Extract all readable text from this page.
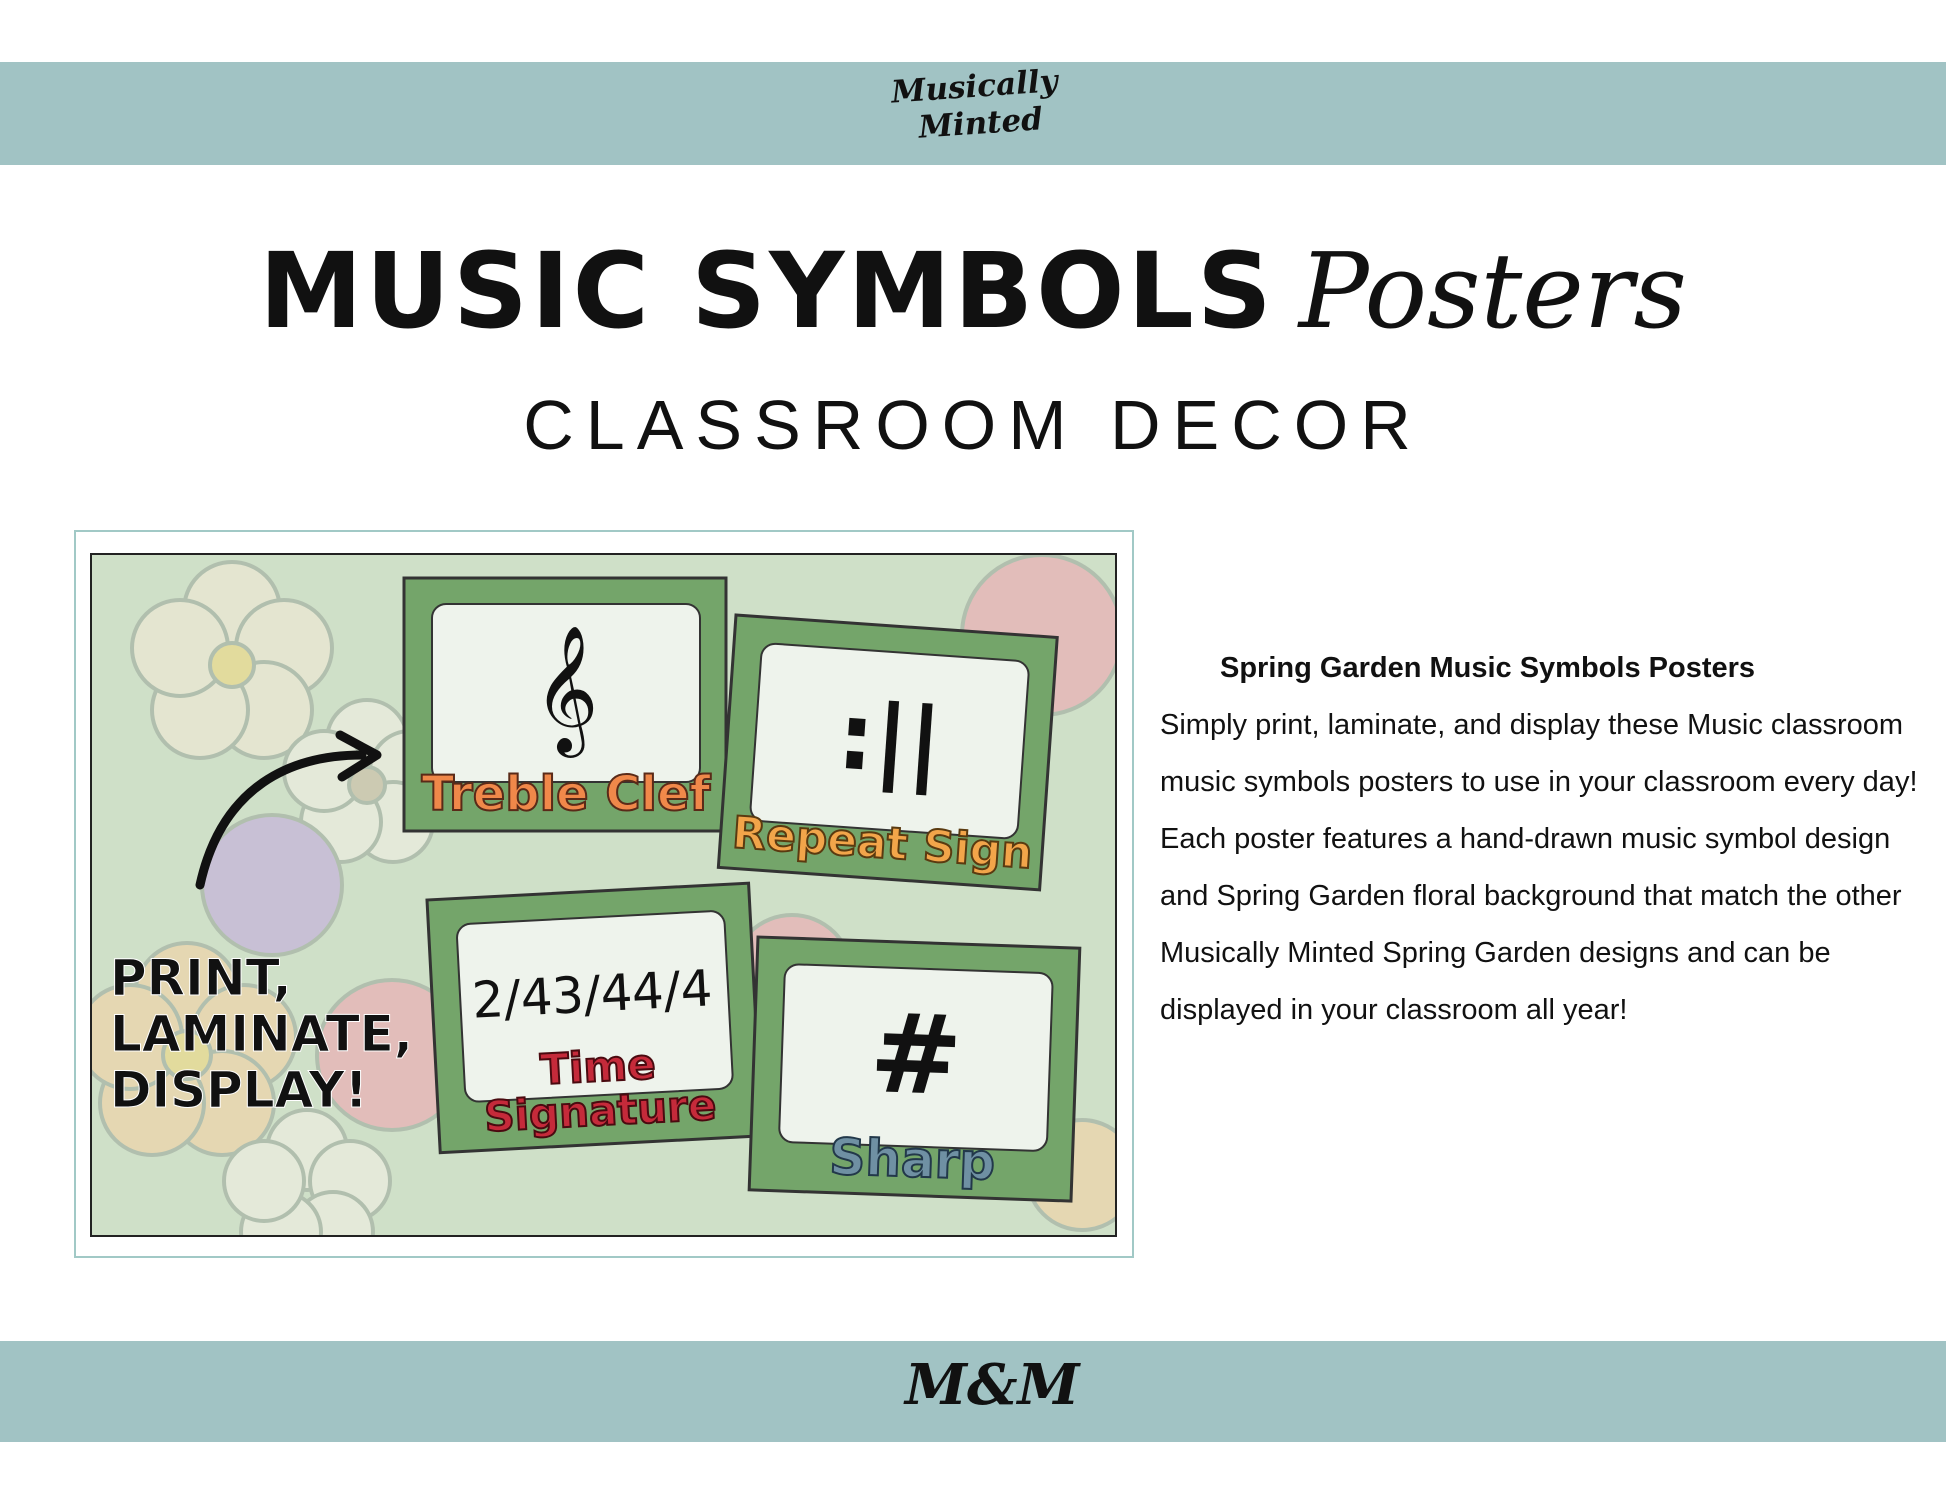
Musically
Minted
MUSIC SYMBOLS Posters
CLASSROOM DECOR
𝄞
Treble Clef :||
Repeat Sign
2/4
3/4
4/4
Time
Signature #
Sharp
PRINT,
LAMINATE,
DISPLAY!
Spring Garden Music Symbols Posters
Simply print, laminate, and display these Music classroom music symbols posters to use in your classroom every day! Each poster features a hand-drawn music symbol design and Spring Garden floral background that match the other Musically Minted Spring Garden designs and can be displayed in your classroom all year!
M&M
